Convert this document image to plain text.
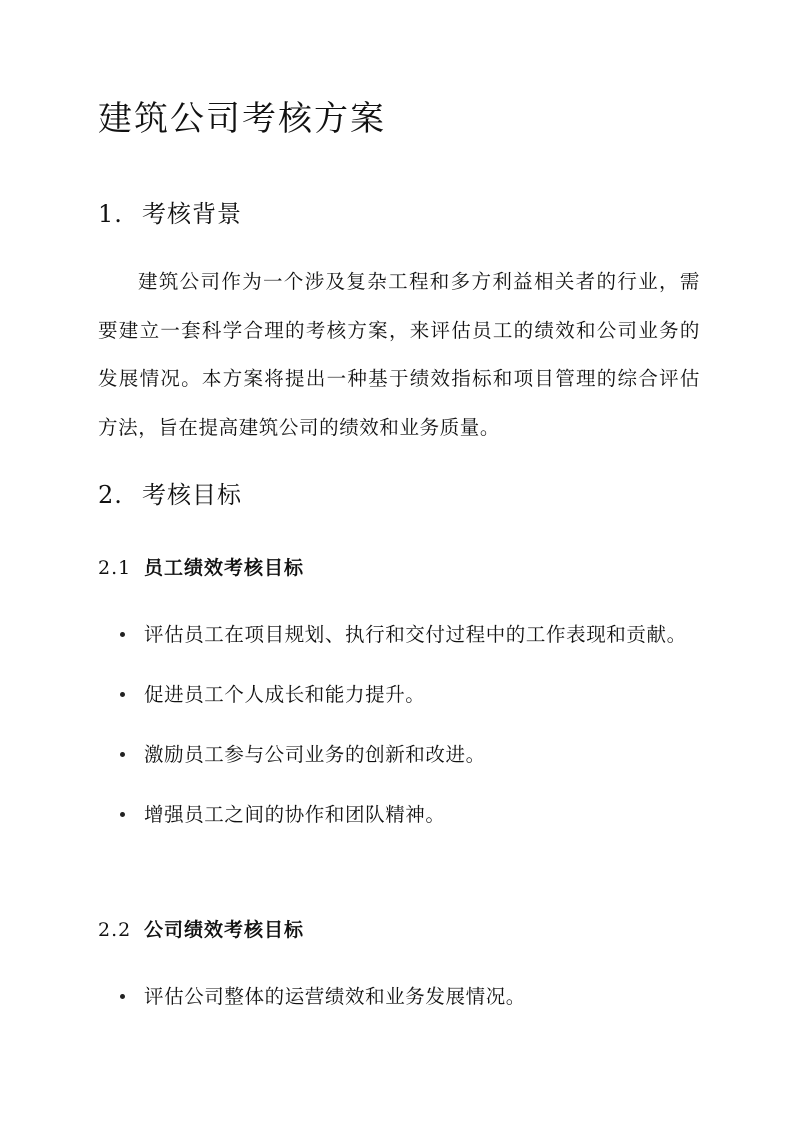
建筑公司考核方案
1. 考核背景

建筑公司作为一个涉及复杂工程和多方利益相关者的行业，需要建立一套科学合理的考核方案，来评估员工的绩效和公司业务的发展情况。本方案将提出一种基于绩效指标和项目管理的综合评估方法，旨在提高建筑公司的绩效和业务质量。

2. 考核目标
2.1 员工绩效考核目标
评估员工在项目规划、执行和交付过程中的工作表现和贡献。
促进员工个人成长和能力提升。
激励员工参与公司业务的创新和改进。
增强员工之间的协作和团队精神。
2.2 公司绩效考核目标
评估公司整体的运营绩效和业务发展情况。
